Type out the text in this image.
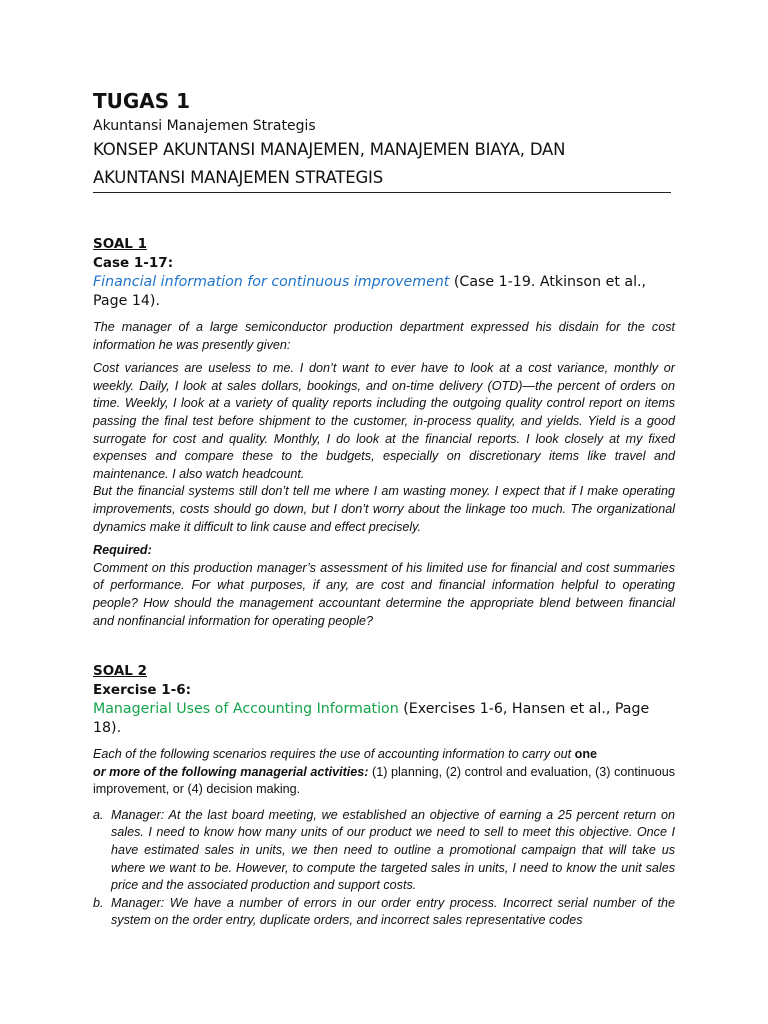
TUGAS 1
Akuntansi Manajemen Strategis
KONSEP AKUNTANSI MANAJEMEN, MANAJEMEN BIAYA, DAN
AKUNTANSI MANAJEMEN STRATEGIS
SOAL 1
Case 1-17:
Financial information for continuous improvement (Case 1-19. Atkinson et al., Page 14).

The manager of a large semiconductor production department expressed his disdain for the cost information he was presently given:

Cost variances are useless to me. I don’t want to ever have to look at a cost variance, monthly or weekly. Daily, I look at sales dollars, bookings, and on-time delivery (OTD)—the percent of orders on time. Weekly, I look at a variety of quality reports including the outgoing quality control report on items passing the final test before shipment to the customer, in-process quality, and yields. Yield is a good surrogate for cost and quality. Monthly, I do look at the financial reports. I look closely at my fixed expenses and compare these to the budgets, especially on discretionary items like travel and maintenance. I also watch headcount.

But the financial systems still don’t tell me where I am wasting money. I expect that if I make operating improvements, costs should go down, but I don’t worry about the linkage too much. The organizational dynamics make it difficult to link cause and effect precisely.

Required:

Comment on this production manager’s assessment of his limited use for financial and cost summaries of performance. For what purposes, if any, are cost and financial information helpful to operating people? How should the management accountant determine the appropriate blend between financial and nonfinancial information for operating people?

SOAL 2
Exercise 1-6:
Managerial Uses of Accounting Information (Exercises 1-6, Hansen et al., Page 18).

Each of the following scenarios requires the use of accounting information to carry out one
or more of the following managerial activities: (1) planning, (2) control and evaluation, (3) continuous improvement, or (4) decision making.

a. Manager: At the last board meeting, we established an objective of earning a 25 percent return on sales. I need to know how many units of our product we need to sell to meet this objective. Once I have estimated sales in units, we then need to outline a promotional campaign that will take us where we want to be. However, to compute the targeted sales in units, I need to know the unit sales price and the associated production and support costs.
b. Manager: We have a number of errors in our order entry process. Incorrect serial number of the system on the order entry, duplicate orders, and incorrect sales representative codes
